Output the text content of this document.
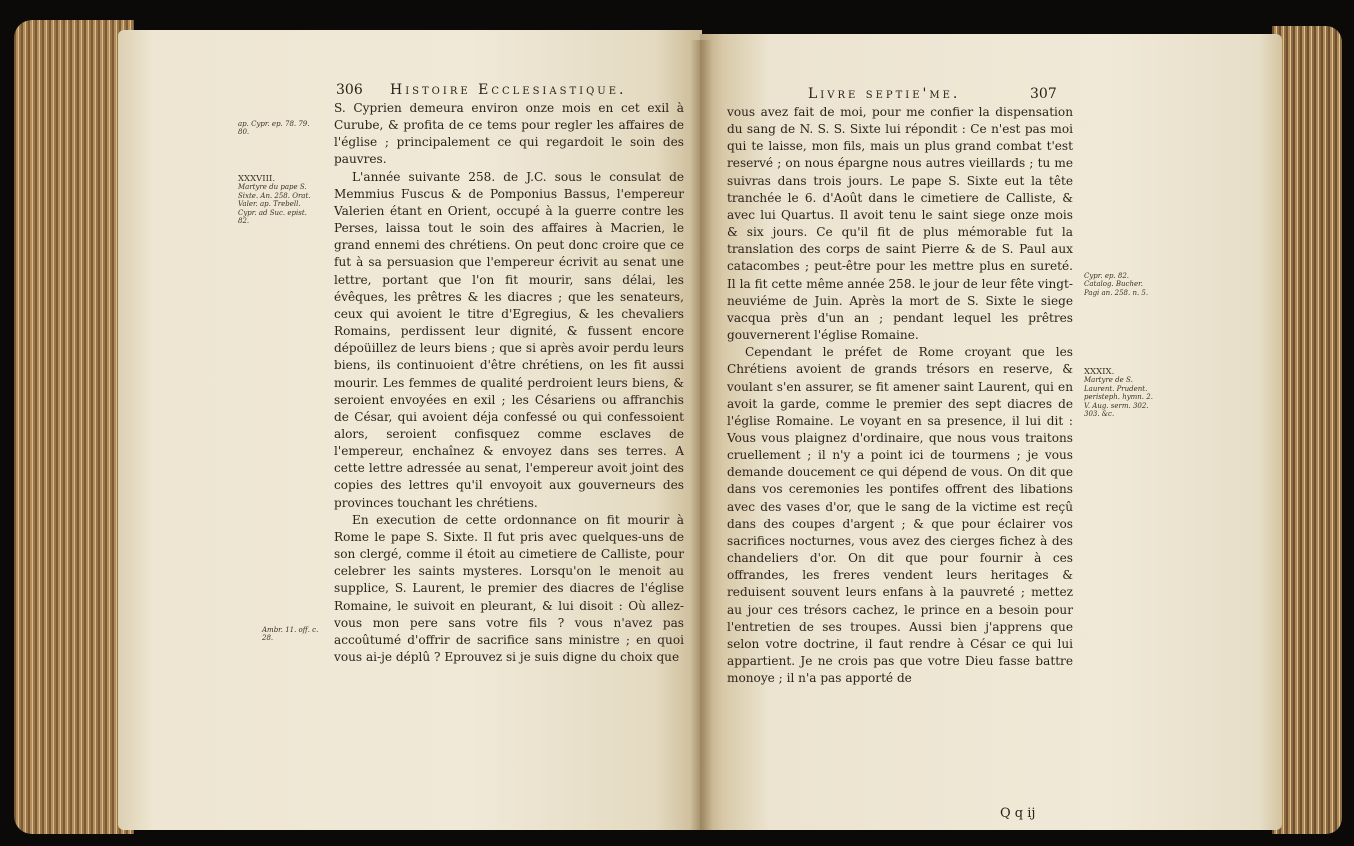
306 Histoire Ecclesiastique.
ap. Cypr. ep. 78. 79. 80.
XXXVIII.
Martyre du pape S. Sixte. An. 258. Orat. Valer. ap. Trebell. Cypr. ad Suc. epist. 82.
Ambr. 11. off. c. 28.

S. Cyprien demeura environ onze mois en cet exil à Curube, & profita de ce tems pour regler les affaires de l'église ; principalement ce qui regardoit le soin des pauvres.

L'année suivante 258. de J.C. sous le consulat de Memmius Fuscus & de Pomponius Bassus, l'empereur Valerien étant en Orient, occupé à la guerre contre les Perses, laissa tout le soin des affaires à Macrien, le grand ennemi des chrétiens. On peut donc croire que ce fut à sa persuasion que l'empereur écrivit au senat une lettre, portant que l'on fit mourir, sans délai, les évêques, les prêtres & les diacres ; que les senateurs, ceux qui avoient le titre d'Egregius, & les chevaliers Romains, perdissent leur dignité, & fussent encore dépoüillez de leurs biens ; que si après avoir perdu leurs biens, ils continuoient d'être chrétiens, on les fit aussi mourir. Les femmes de qualité perdroient leurs biens, & seroient envoyées en exil ; les Césariens ou affranchis de César, qui avoient déja confessé ou qui confessoient alors, seroient confisquez comme esclaves de l'empereur, enchaînez & envoyez dans ses terres. A cette lettre adressée au senat, l'empereur avoit joint des copies des lettres qu'il envoyoit aux gouverneurs des provinces touchant les chrétiens.

En execution de cette ordonnance on fit mourir à Rome le pape S. Sixte. Il fut pris avec quelques-uns de son clergé, comme il étoit au cimetiere de Calliste, pour celebrer les saints mysteres. Lorsqu'on le menoit au supplice, S. Laurent, le premier des diacres de l'église Romaine, le suivoit en pleurant, & lui disoit : Où allez-vous mon pere sans votre fils ? vous n'avez pas accoûtumé d'offrir de sacrifice sans ministre ; en quoi vous ai-je déplû ? Eprouvez si je suis digne du choix que

Livre septie'me.	307

vous avez fait de moi, pour me confier la dispensation du sang de N. S. S. Sixte lui répondit : Ce n'est pas moi qui te laisse, mon fils, mais un plus grand combat t'est reservé ; on nous épargne nous autres vieillards ; tu me suivras dans trois jours. Le pape S. Sixte eut la tête tranchée le 6. d'Août dans le cimetiere de Calliste, & avec lui Quartus. Il avoit tenu le saint siege onze mois & six jours. Ce qu'il fit de plus mémorable fut la translation des corps de saint Pierre & de S. Paul aux catacombes ; peut-être pour les mettre plus en sureté. Il la fit cette même année 258. le jour de leur fête vingt-neuviéme de Juin. Après la mort de S. Sixte le siege vacqua près d'un an ; pendant lequel les prêtres gouvernerent l'église Romaine.

Cependant le préfet de Rome croyant que les Chrétiens avoient de grands trésors en reserve, & voulant s'en assurer, se fit amener saint Laurent, qui en avoit la garde, comme le premier des sept diacres de l'église Romaine. Le voyant en sa presence, il lui dit : Vous vous plaignez d'ordinaire, que nous vous traitons cruellement ; il n'y a point ici de tourmens ; je vous demande doucement ce qui dépend de vous. On dit que dans vos ceremonies les pontifes offrent des libations avec des vases d'or, que le sang de la victime est reçû dans des coupes d'argent ; & que pour éclairer vos sacrifices nocturnes, vous avez des cierges fichez à des chandeliers d'or. On dit que pour fournir à ces offrandes, les freres vendent leurs heritages & reduisent souvent leurs enfans à la pauvreté ; mettez au jour ces trésors cachez, le prince en a besoin pour l'entretien de ses troupes. Aussi bien j'apprens que selon votre doctrine, il faut rendre à César ce qui lui appartient. Je ne crois pas que votre Dieu fasse battre monoye ; il n'a pas apporté de

Cypr. ep. 82. Catalog. Bucher. Pagi an. 258. n. 5.
XXXIX.
Martyre de S. Laurent. Prudent. peristeph. hymn. 2. V. Aug. serm. 302. 303. &c.
Q q ij
